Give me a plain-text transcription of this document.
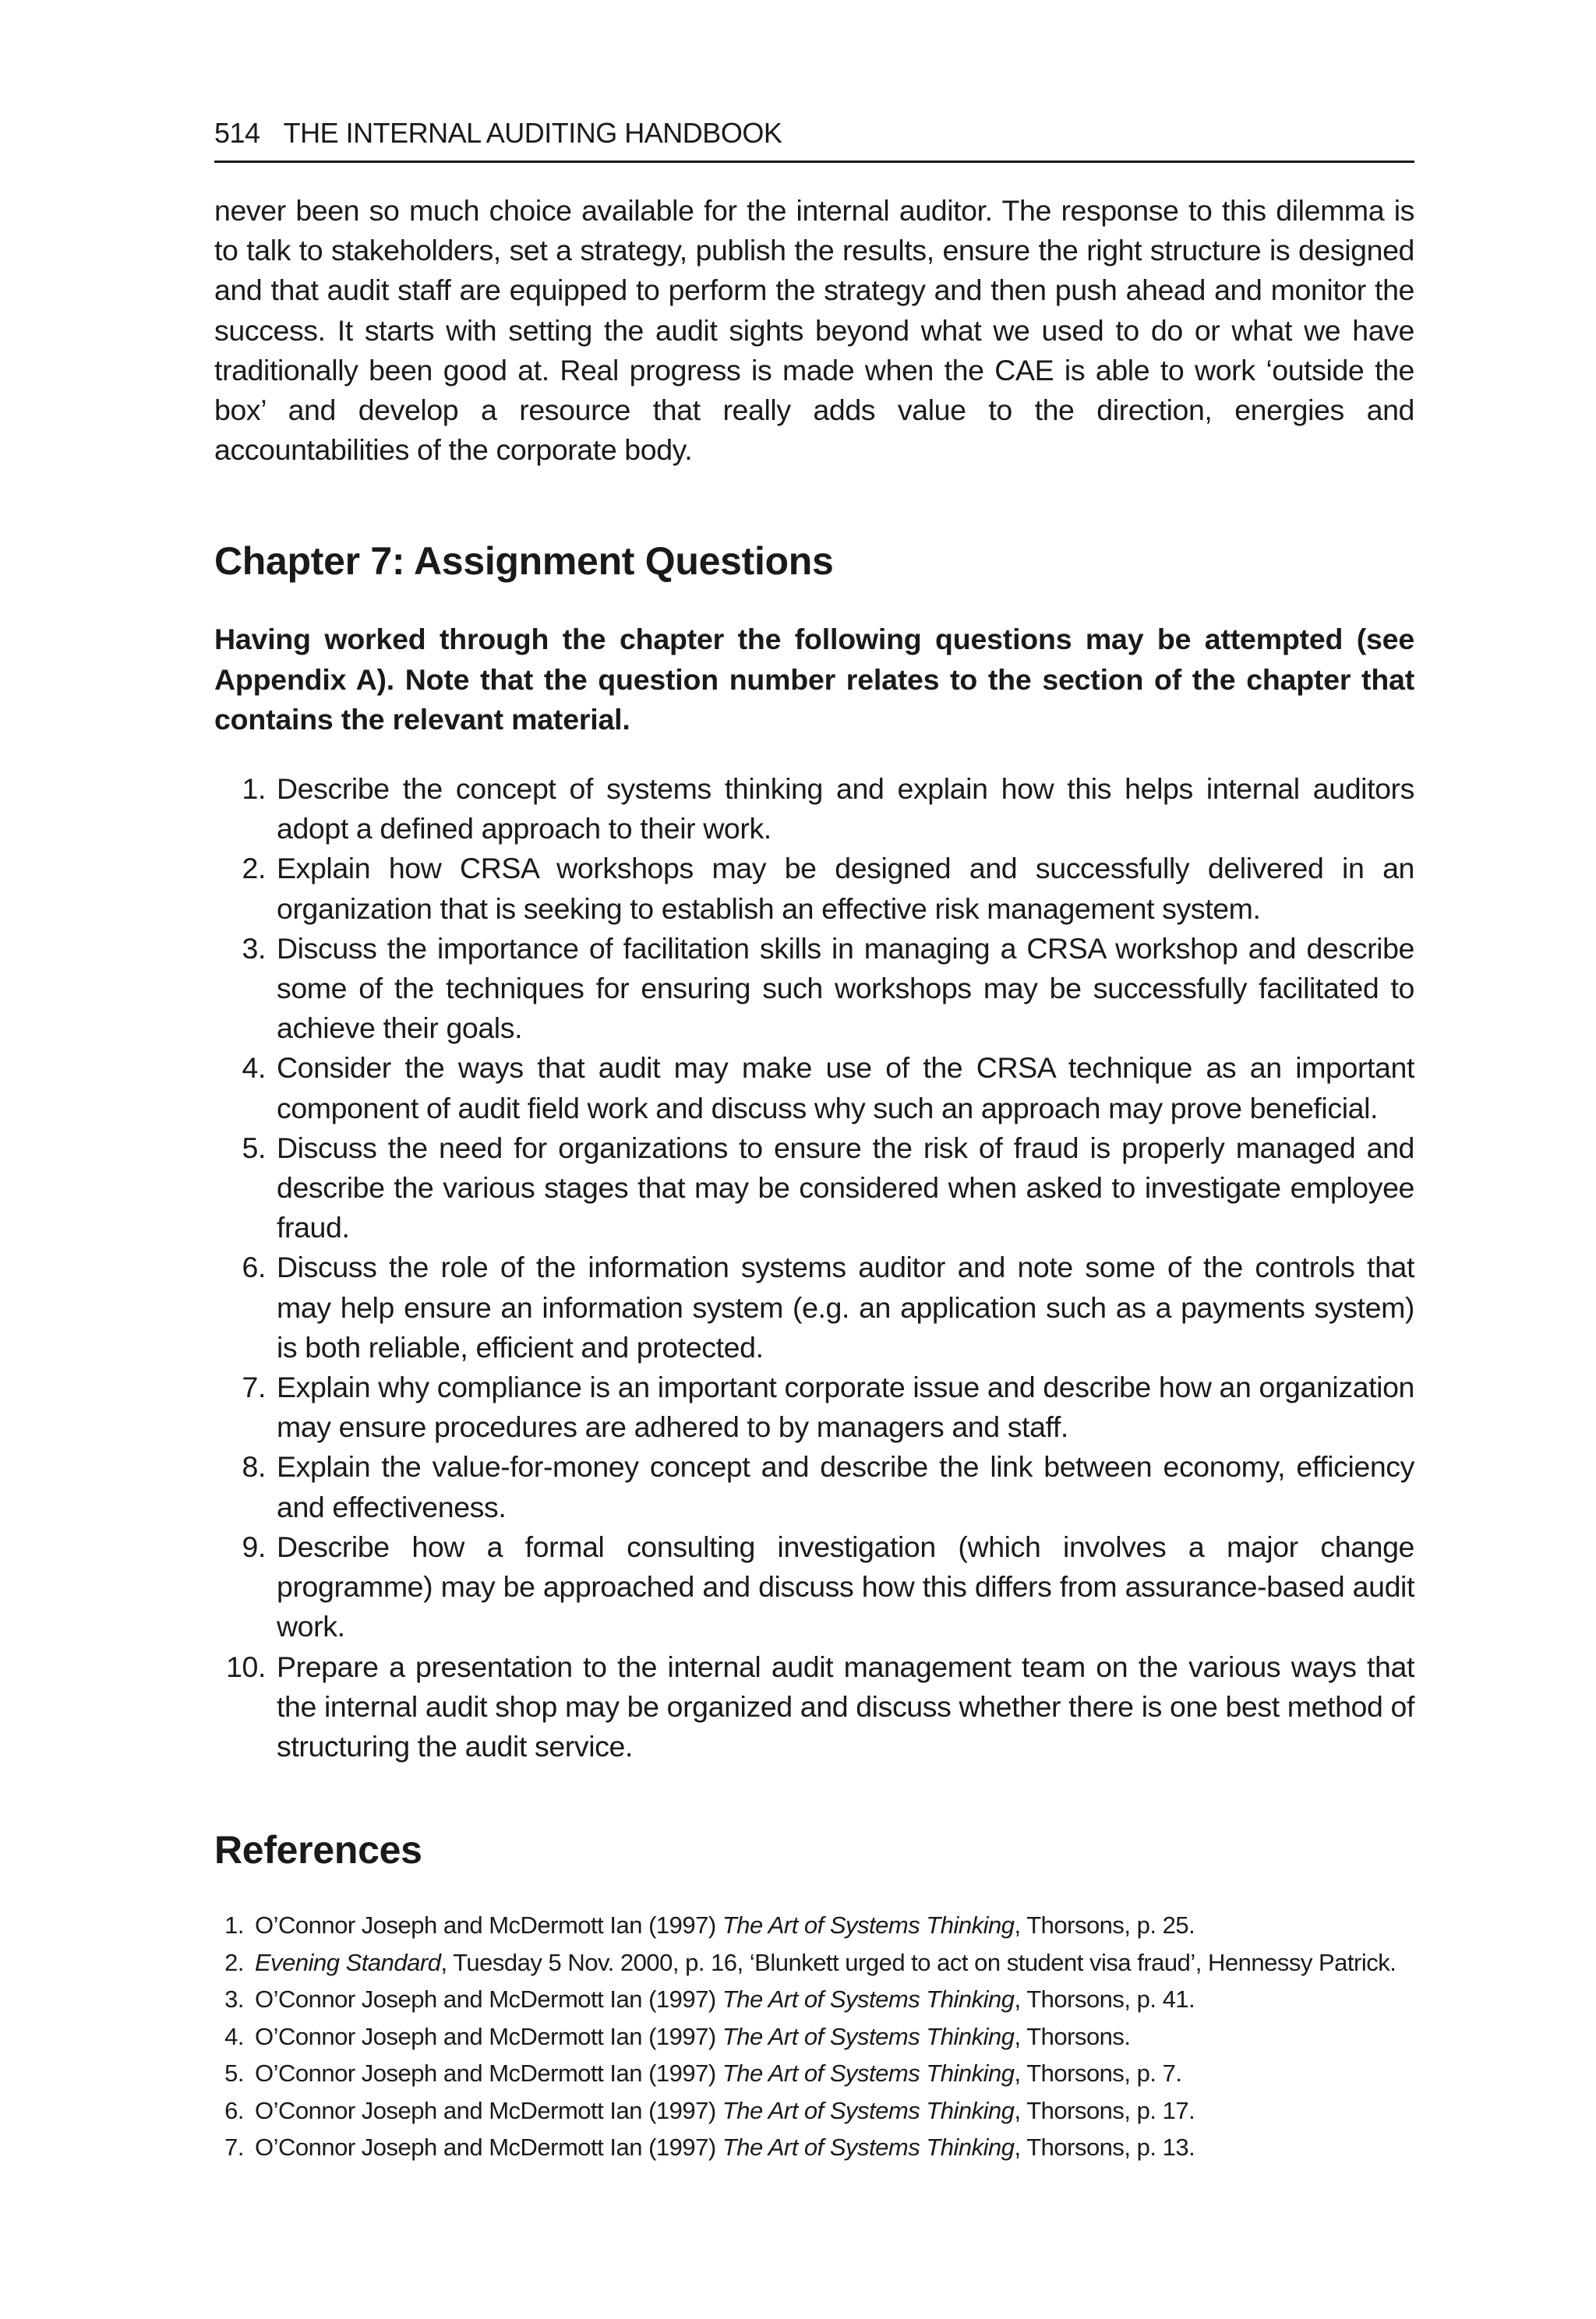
514 THE INTERNAL AUDITING HANDBOOK

never been so much choice available for the internal auditor. The response to this dilemma is to talk to stakeholders, set a strategy, publish the results, ensure the right structure is designed and that audit staff are equipped to perform the strategy and then push ahead and monitor the success. It starts with setting the audit sights beyond what we used to do or what we have traditionally been good at. Real progress is made when the CAE is able to work ‘outside the box’ and develop a resource that really adds value to the direction, energies and accountabilities of the corporate body.

Chapter 7: Assignment Questions

Having worked through the chapter the following questions may be attempted (see Appendix A). Note that the question number relates to the section of the chapter that contains the relevant material.

1. Describe the concept of systems thinking and explain how this helps internal auditors adopt a defined approach to their work.
2. Explain how CRSA workshops may be designed and successfully delivered in an organization that is seeking to establish an effective risk management system.
3. Discuss the importance of facilitation skills in managing a CRSA workshop and describe some of the techniques for ensuring such workshops may be successfully facilitated to achieve their goals.
4. Consider the ways that audit may make use of the CRSA technique as an important component of audit field work and discuss why such an approach may prove beneficial.
5. Discuss the need for organizations to ensure the risk of fraud is properly managed and describe the various stages that may be considered when asked to investigate employee fraud.
6. Discuss the role of the information systems auditor and note some of the controls that may help ensure an information system (e.g. an application such as a payments system) is both reliable, efficient and protected.
7. Explain why compliance is an important corporate issue and describe how an organization may ensure procedures are adhered to by managers and staff.
8. Explain the value-for-money concept and describe the link between economy, efficiency and effectiveness.
9. Describe how a formal consulting investigation (which involves a major change programme) may be approached and discuss how this differs from assurance-based audit work.
10. Prepare a presentation to the internal audit management team on the various ways that the internal audit shop may be organized and discuss whether there is one best method of structuring the audit service.
References
1. O’Connor Joseph and McDermott Ian (1997) The Art of Systems Thinking, Thorsons, p. 25.
2. Evening Standard, Tuesday 5 Nov. 2000, p. 16, ‘Blunkett urged to act on student visa fraud’, Hennessy Patrick.
3. O’Connor Joseph and McDermott Ian (1997) The Art of Systems Thinking, Thorsons, p. 41.
4. O’Connor Joseph and McDermott Ian (1997) The Art of Systems Thinking, Thorsons.
5. O’Connor Joseph and McDermott Ian (1997) The Art of Systems Thinking, Thorsons, p. 7.
6. O’Connor Joseph and McDermott Ian (1997) The Art of Systems Thinking, Thorsons, p. 17.
7. O’Connor Joseph and McDermott Ian (1997) The Art of Systems Thinking, Thorsons, p. 13.
